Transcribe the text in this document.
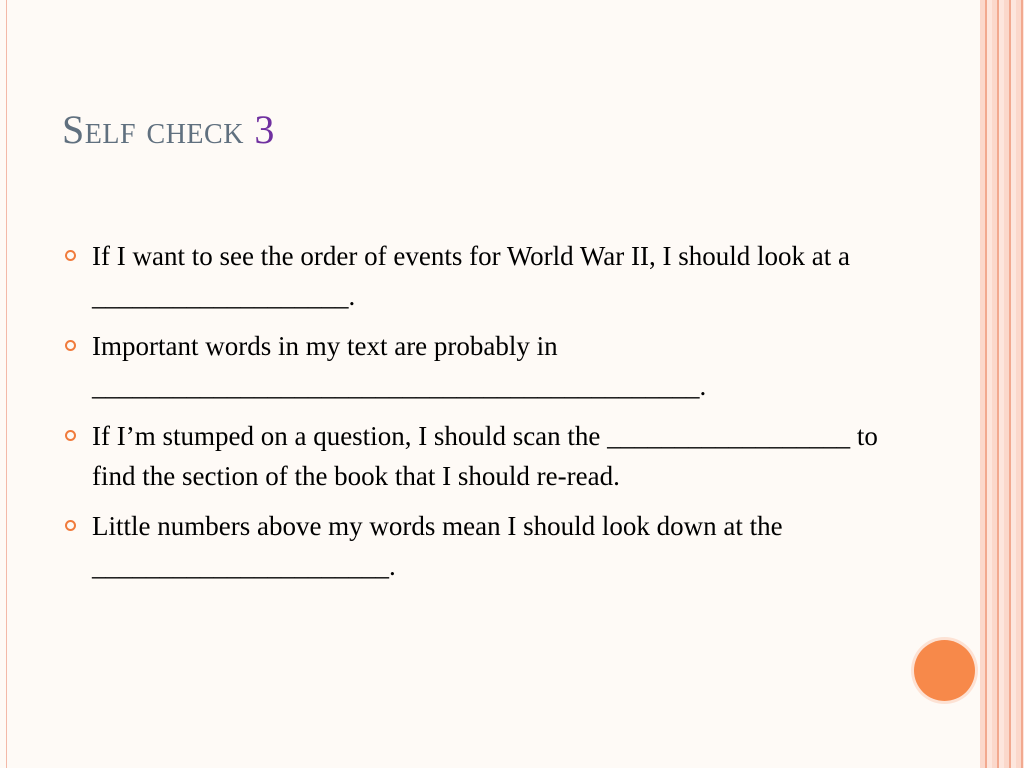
Self check 3
If I want to see the order of events for World War II, I should look at a ___________________.
Important words in my text are probably in _____________________________________________.
If I’m stumped on a question, I should scan the __________________ to find the section of the book that I should re-read.
Little numbers above my words mean I should look down at the ______________________.
